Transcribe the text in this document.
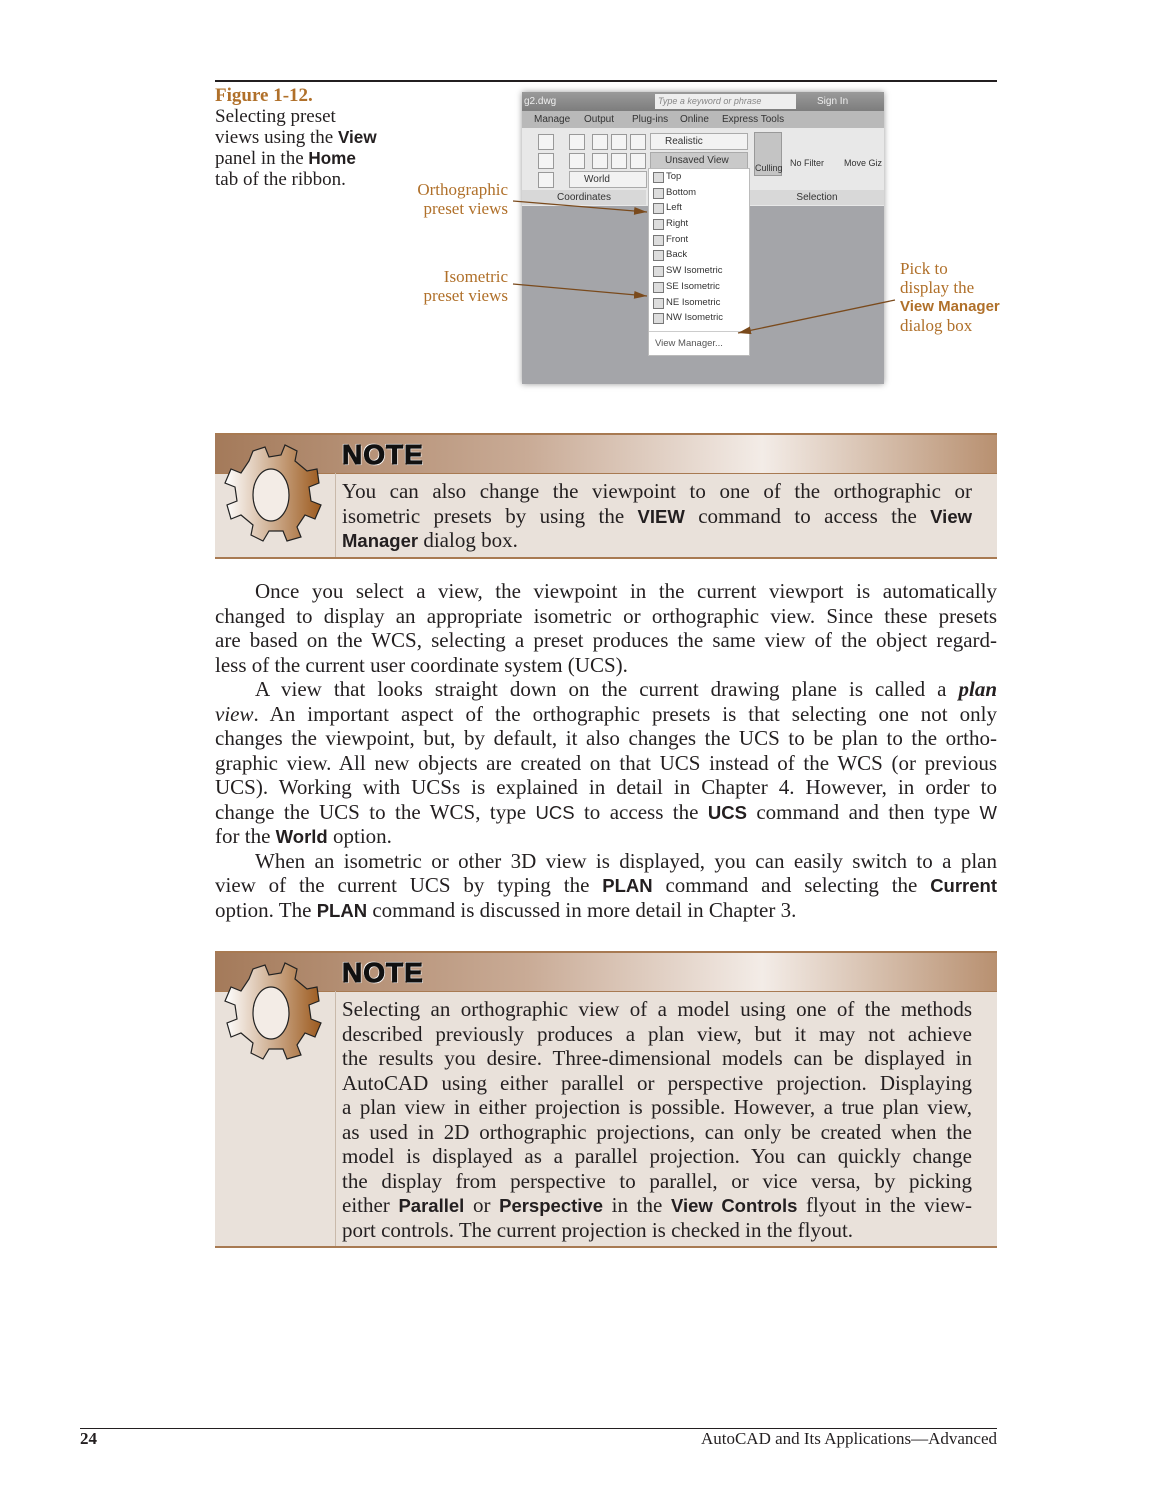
Figure 1-12.
Selecting preset
views using the View
panel in the Home
tab of the ribbon.	Orthographic
preset views
Isometric
preset views
Pick to
display the
View Manager
dialog box
g2.dwg	Type a keyword or phrase	Sign In
Manage Output Plug-ins Online Express Tools
World
Realistic
Unsaved View
Culling No Filter Move Giz
Coordinates	Selection
Top
Bottom
Left
Right
Front
Back
SW Isometric
SE Isometric
NE Isometric
NW Isometric
View Manager...
NOTE
You can also change the viewpoint to one of the orthographic or
isometric presets by using the VIEW command to access the View
Manager dialog box.
Once you select a view, the viewpoint in the current viewport is automatically
changed to display an appropriate isometric or orthographic view. Since these presets
are based on the WCS, selecting a preset produces the same view of the object regard-
less of the current user coordinate system (UCS).
A view that looks straight down on the current drawing plane is called a plan
view. An important aspect of the orthographic presets is that selecting one not only
changes the viewpoint, but, by default, it also changes the UCS to be plan to the ortho-
graphic view. All new objects are created on that UCS instead of the WCS (or previous
UCS). Working with UCSs is explained in detail in Chapter 4. However, in order to
change the UCS to the WCS, type UCS to access the UCS command and then type W
for the World option.
When an isometric or other 3D view is displayed, you can easily switch to a plan
view of the current UCS by typing the PLAN command and selecting the Current
option. The PLAN command is discussed in more detail in Chapter 3.
NOTE
Selecting an orthographic view of a model using one of the methods
described previously produces a plan view, but it may not achieve
the results you desire. Three-dimensional models can be displayed in
AutoCAD using either parallel or perspective projection. Displaying
a plan view in either projection is possible. However, a true plan view,
as used in 2D orthographic projections, can only be created when the
model is displayed as a parallel projection. You can quickly change
the display from perspective to parallel, or vice versa, by picking
either Parallel or Perspective in the View Controls flyout in the view-
port controls. The current projection is checked in the flyout.
24	AutoCAD and Its Applications—Advanced
